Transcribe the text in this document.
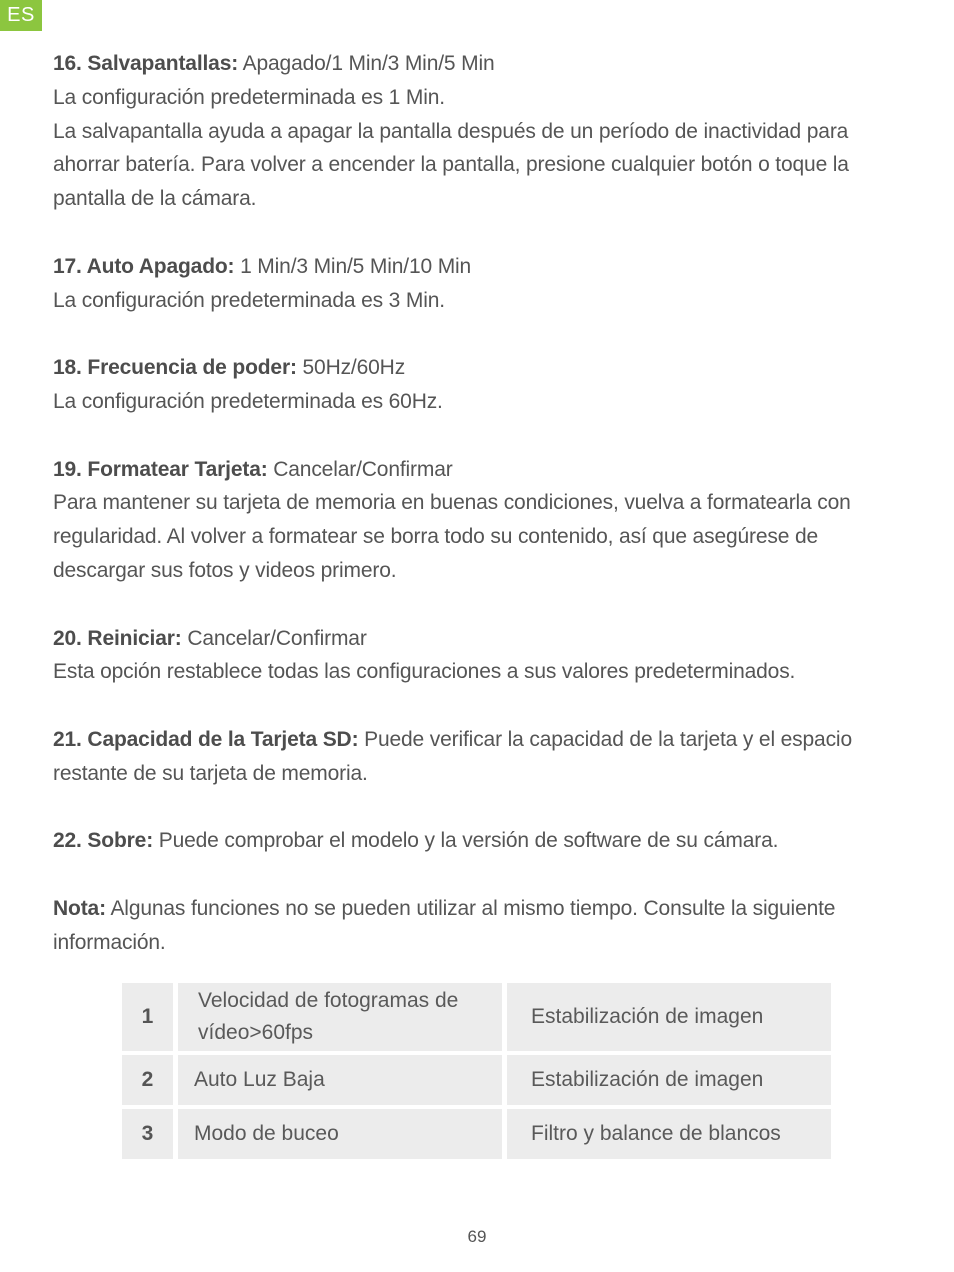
ES

16. Salvapantallas: Apagado/1 Min/3 Min/5 Min
La configuración predeterminada es 1 Min.
La salvapantalla ayuda a apagar la pantalla después de un período de inactividad para ahorrar batería. Para volver a encender la pantalla, presione cualquier botón o toque la pantalla de la cámara.

17. Auto Apagado: 1 Min/3 Min/5 Min/10 Min
La configuración predeterminada es 3 Min.

18. Frecuencia de poder: 50Hz/60Hz
La configuración predeterminada es 60Hz.

19. Formatear Tarjeta: Cancelar/Confirmar
Para mantener su tarjeta de memoria en buenas condiciones, vuelva a formatearla con regularidad. Al volver a formatear se borra todo su contenido, así que asegúrese de descargar sus fotos y videos primero.

20. Reiniciar: Cancelar/Confirmar
Esta opción restablece todas las configuraciones a sus valores predeterminados.

21. Capacidad de la Tarjeta SD: Puede verificar la capacidad de la tarjeta y el espacio restante de su tarjeta de memoria.

22. Sobre: Puede comprobar el modelo y la versión de software de su cámara.

Nota: Algunas funciones no se pueden utilizar al mismo tiempo. Consulte la siguiente información.

1	Velocidad de fotogramas de vídeo>60fps	Estabilización de imagen

2	Auto Luz Baja	Estabilización de imagen

3	Modo de buceo	Filtro y balance de blancos
69
